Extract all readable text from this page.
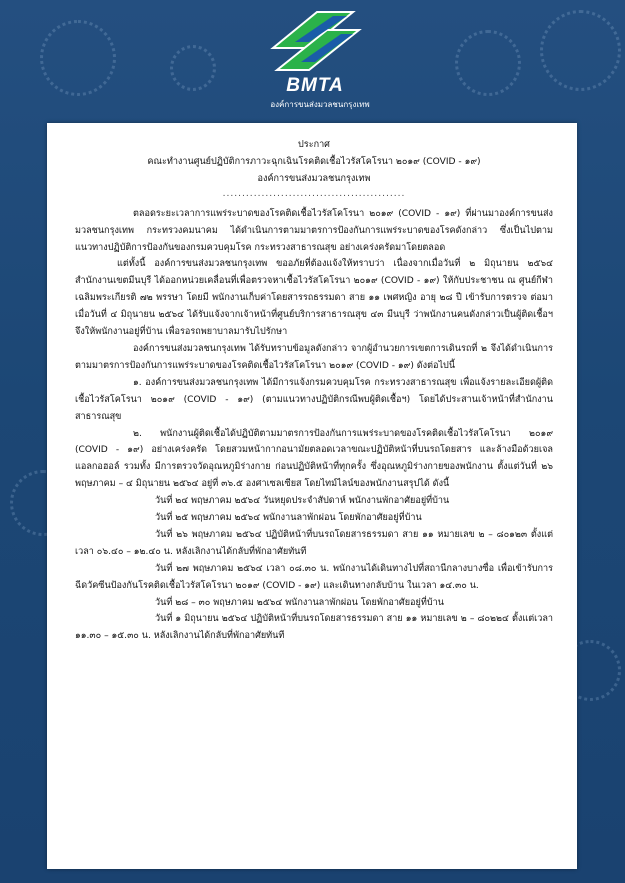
BMTA
องค์การขนส่งมวลชนกรุงเทพ
ประกาศ
คณะทำงานศูนย์ปฏิบัติการภาวะฉุกเฉินโรคติดเชื้อไวรัสโคโรนา ๒๐๑๙ (COVID - ๑๙)
องค์การขนส่งมวลชนกรุงเทพ
...............................................

ตลอดระยะเวลาการแพร่ระบาดของโรคติดเชื้อไวรัสโคโรนา ๒๐๑๙ (COVID - ๑๙) ที่ผ่านมาองค์การขนส่งมวลชนกรุงเทพ กระทรวงคมนาคม ได้ดำเนินการตามมาตรการป้องกันการแพร่ระบาดของโรคดังกล่าว ซึ่งเป็นไปตามแนวทางปฏิบัติการป้องกันของกรมควบคุมโรค กระทรวงสาธารณสุข อย่างเคร่งครัดมาโดยตลอด

แต่ทั้งนี้ องค์การขนส่งมวลชนกรุงเทพ ขออภัยที่ต้องแจ้งให้ทราบว่า เนื่องจากเมื่อวันที่ ๒ มิถุนายน ๒๕๖๔ สำนักงานเขตมีนบุรี ได้ออกหน่วยเคลื่อนที่เพื่อตรวจหาเชื้อไวรัสโคโรนา ๒๐๑๙ (COVID - ๑๙) ให้กับประชาชน ณ ศูนย์กีฬาเฉลิมพระเกียรติ ๗๒ พรรษา โดยมี พนักงานเก็บค่าโดยสารรถธรรมดา สาย ๑๑ เพศหญิง อายุ ๒๘ ปี เข้ารับการตรวจ ต่อมาเมื่อวันที่ ๔ มิถุนายน ๒๕๖๔ ได้รับแจ้งจากเจ้าหน้าที่ศูนย์บริการสาธารณสุข ๔๓ มีนบุรี ว่าพนักงานคนดังกล่าวเป็นผู้ติดเชื้อฯ จึงให้พนักงานอยู่ที่บ้าน เพื่อรอรถพยาบาลมารับไปรักษา

องค์การขนส่งมวลชนกรุงเทพ ได้รับทราบข้อมูลดังกล่าว จากผู้อำนวยการเขตการเดินรถที่ ๒ จึงได้ดำเนินการตามมาตรการป้องกันการแพร่ระบาดของโรคติดเชื้อไวรัสโคโรนา ๒๐๑๙ (COVID - ๑๙) ดังต่อไปนี้

๑. องค์การขนส่งมวลชนกรุงเทพ ได้มีการแจ้งกรมควบคุมโรค กระทรวงสาธารณสุข เพื่อแจ้งรายละเอียดผู้ติดเชื้อไวรัสโคโรนา ๒๐๑๙ (COVID - ๑๙) (ตามแนวทางปฏิบัติกรณีพบผู้ติดเชื้อฯ) โดยได้ประสานเจ้าหน้าที่สำนักงานสาธารณสุข

๒. พนักงานผู้ติดเชื้อได้ปฏิบัติตามมาตรการป้องกันการแพร่ระบาดของโรคติดเชื้อไวรัสโคโรนา ๒๐๑๙ (COVID - ๑๙) อย่างเคร่งครัด โดยสวมหน้ากากอนามัยตลอดเวลาขณะปฏิบัติหน้าที่บนรถโดยสาร และล้างมือด้วยเจลแอลกอฮอล์ รวมทั้ง มีการตรวจวัดอุณหภูมิร่างกาย ก่อนปฏิบัติหน้าที่ทุกครั้ง ซึ่งอุณหภูมิร่างกายของพนักงาน ตั้งแต่วันที่ ๒๖ พฤษภาคม – ๔ มิถุนายน ๒๕๖๔ อยู่ที่ ๓๖.๕ องศาเซลเซียส โดยไทม์ไลน์ของพนักงานสรุปได้ ดังนี้

วันที่ ๒๔ พฤษภาคม ๒๕๖๔ วันหยุดประจำสัปดาห์ พนักงานพักอาศัยอยู่ที่บ้าน
วันที่ ๒๕ พฤษภาคม ๒๕๖๔ พนักงานลาพักผ่อน โดยพักอาศัยอยู่ที่บ้าน

วันที่ ๒๖ พฤษภาคม ๒๕๖๔ ปฏิบัติหน้าที่บนรถโดยสารธรรมดา สาย ๑๑ หมายเลข ๒ – ๘๐๑๒๓ ตั้งแต่เวลา ๐๖.๔๐ – ๑๒.๔๐ น. หลังเลิกงานได้กลับที่พักอาศัยทันที

วันที่ ๒๗ พฤษภาคม ๒๕๖๔ เวลา ๐๘.๓๐ น. พนักงานได้เดินทางไปที่สถานีกลางบางซื่อ เพื่อเข้ารับการฉีดวัคซีนป้องกันโรคติดเชื้อไวรัสโคโรนา ๒๐๑๙ (COVID - ๑๙) และเดินทางกลับบ้าน ในเวลา ๑๔.๓๐ น.

วันที่ ๒๘ – ๓๐ พฤษภาคม ๒๕๖๔ พนักงานลาพักผ่อน โดยพักอาศัยอยู่ที่บ้าน

วันที่ ๑ มิถุนายน ๒๕๖๔ ปฏิบัติหน้าที่บนรถโดยสารธรรมดา สาย ๑๑ หมายเลข ๒ – ๘๐๒๒๔ ตั้งแต่เวลา ๑๑.๓๐ – ๑๕.๓๐ น. หลังเลิกงานได้กลับที่พักอาศัยทันที
